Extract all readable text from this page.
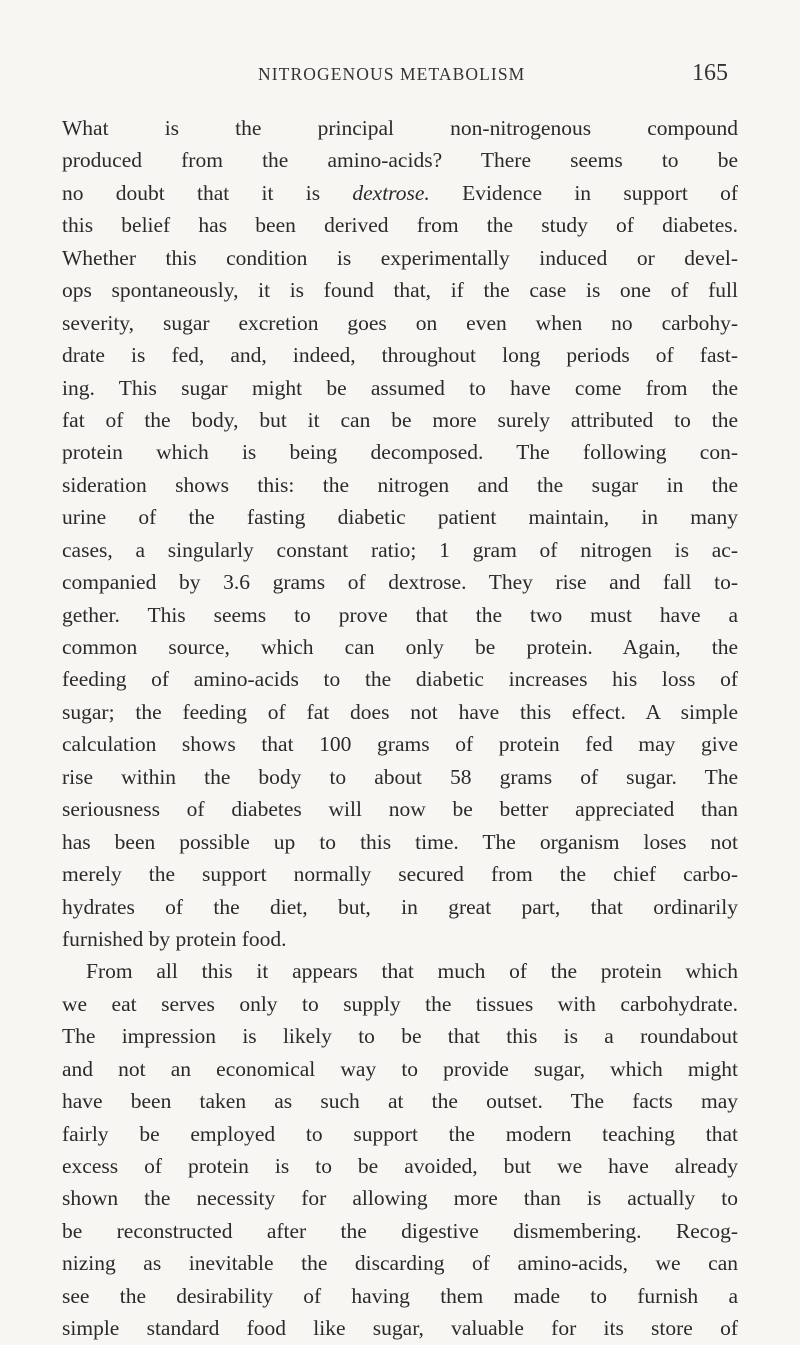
NITROGENOUS METABOLISM	165
What is the principal non-nitrogenous compound
produced from the amino-acids? There seems to be
no doubt that it is dextrose. Evidence in support of
this belief has been derived from the study of diabetes.
Whether this condition is experimentally induced or devel-
ops spontaneously, it is found that, if the case is one of full
severity, sugar excretion goes on even when no carbohy-
drate is fed, and, indeed, throughout long periods of fast-
ing. This sugar might be assumed to have come from the
fat of the body, but it can be more surely attributed to the
protein which is being decomposed. The following con-
sideration shows this: the nitrogen and the sugar in the
urine of the fasting diabetic patient maintain, in many
cases, a singularly constant ratio; 1 gram of nitrogen is ac-
companied by 3.6 grams of dextrose. They rise and fall to-
gether. This seems to prove that the two must have a
common source, which can only be protein. Again, the
feeding of amino-acids to the diabetic increases his loss of
sugar; the feeding of fat does not have this effect. A simple
calculation shows that 100 grams of protein fed may give
rise within the body to about 58 grams of sugar. The
seriousness of diabetes will now be better appreciated than
has been possible up to this time. The organism loses not
merely the support normally secured from the chief carbo-
hydrates of the diet, but, in great part, that ordinarily
furnished by protein food.
From all this it appears that much of the protein which
we eat serves only to supply the tissues with carbohydrate.
The impression is likely to be that this is a roundabout
and not an economical way to provide sugar, which might
have been taken as such at the outset. The facts may
fairly be employed to support the modern teaching that
excess of protein is to be avoided, but we have already
shown the necessity for allowing more than is actually to
be reconstructed after the digestive dismembering. Recog-
nizing as inevitable the discarding of amino-acids, we can
see the desirability of having them made to furnish a
simple standard food like sugar, valuable for its store of
